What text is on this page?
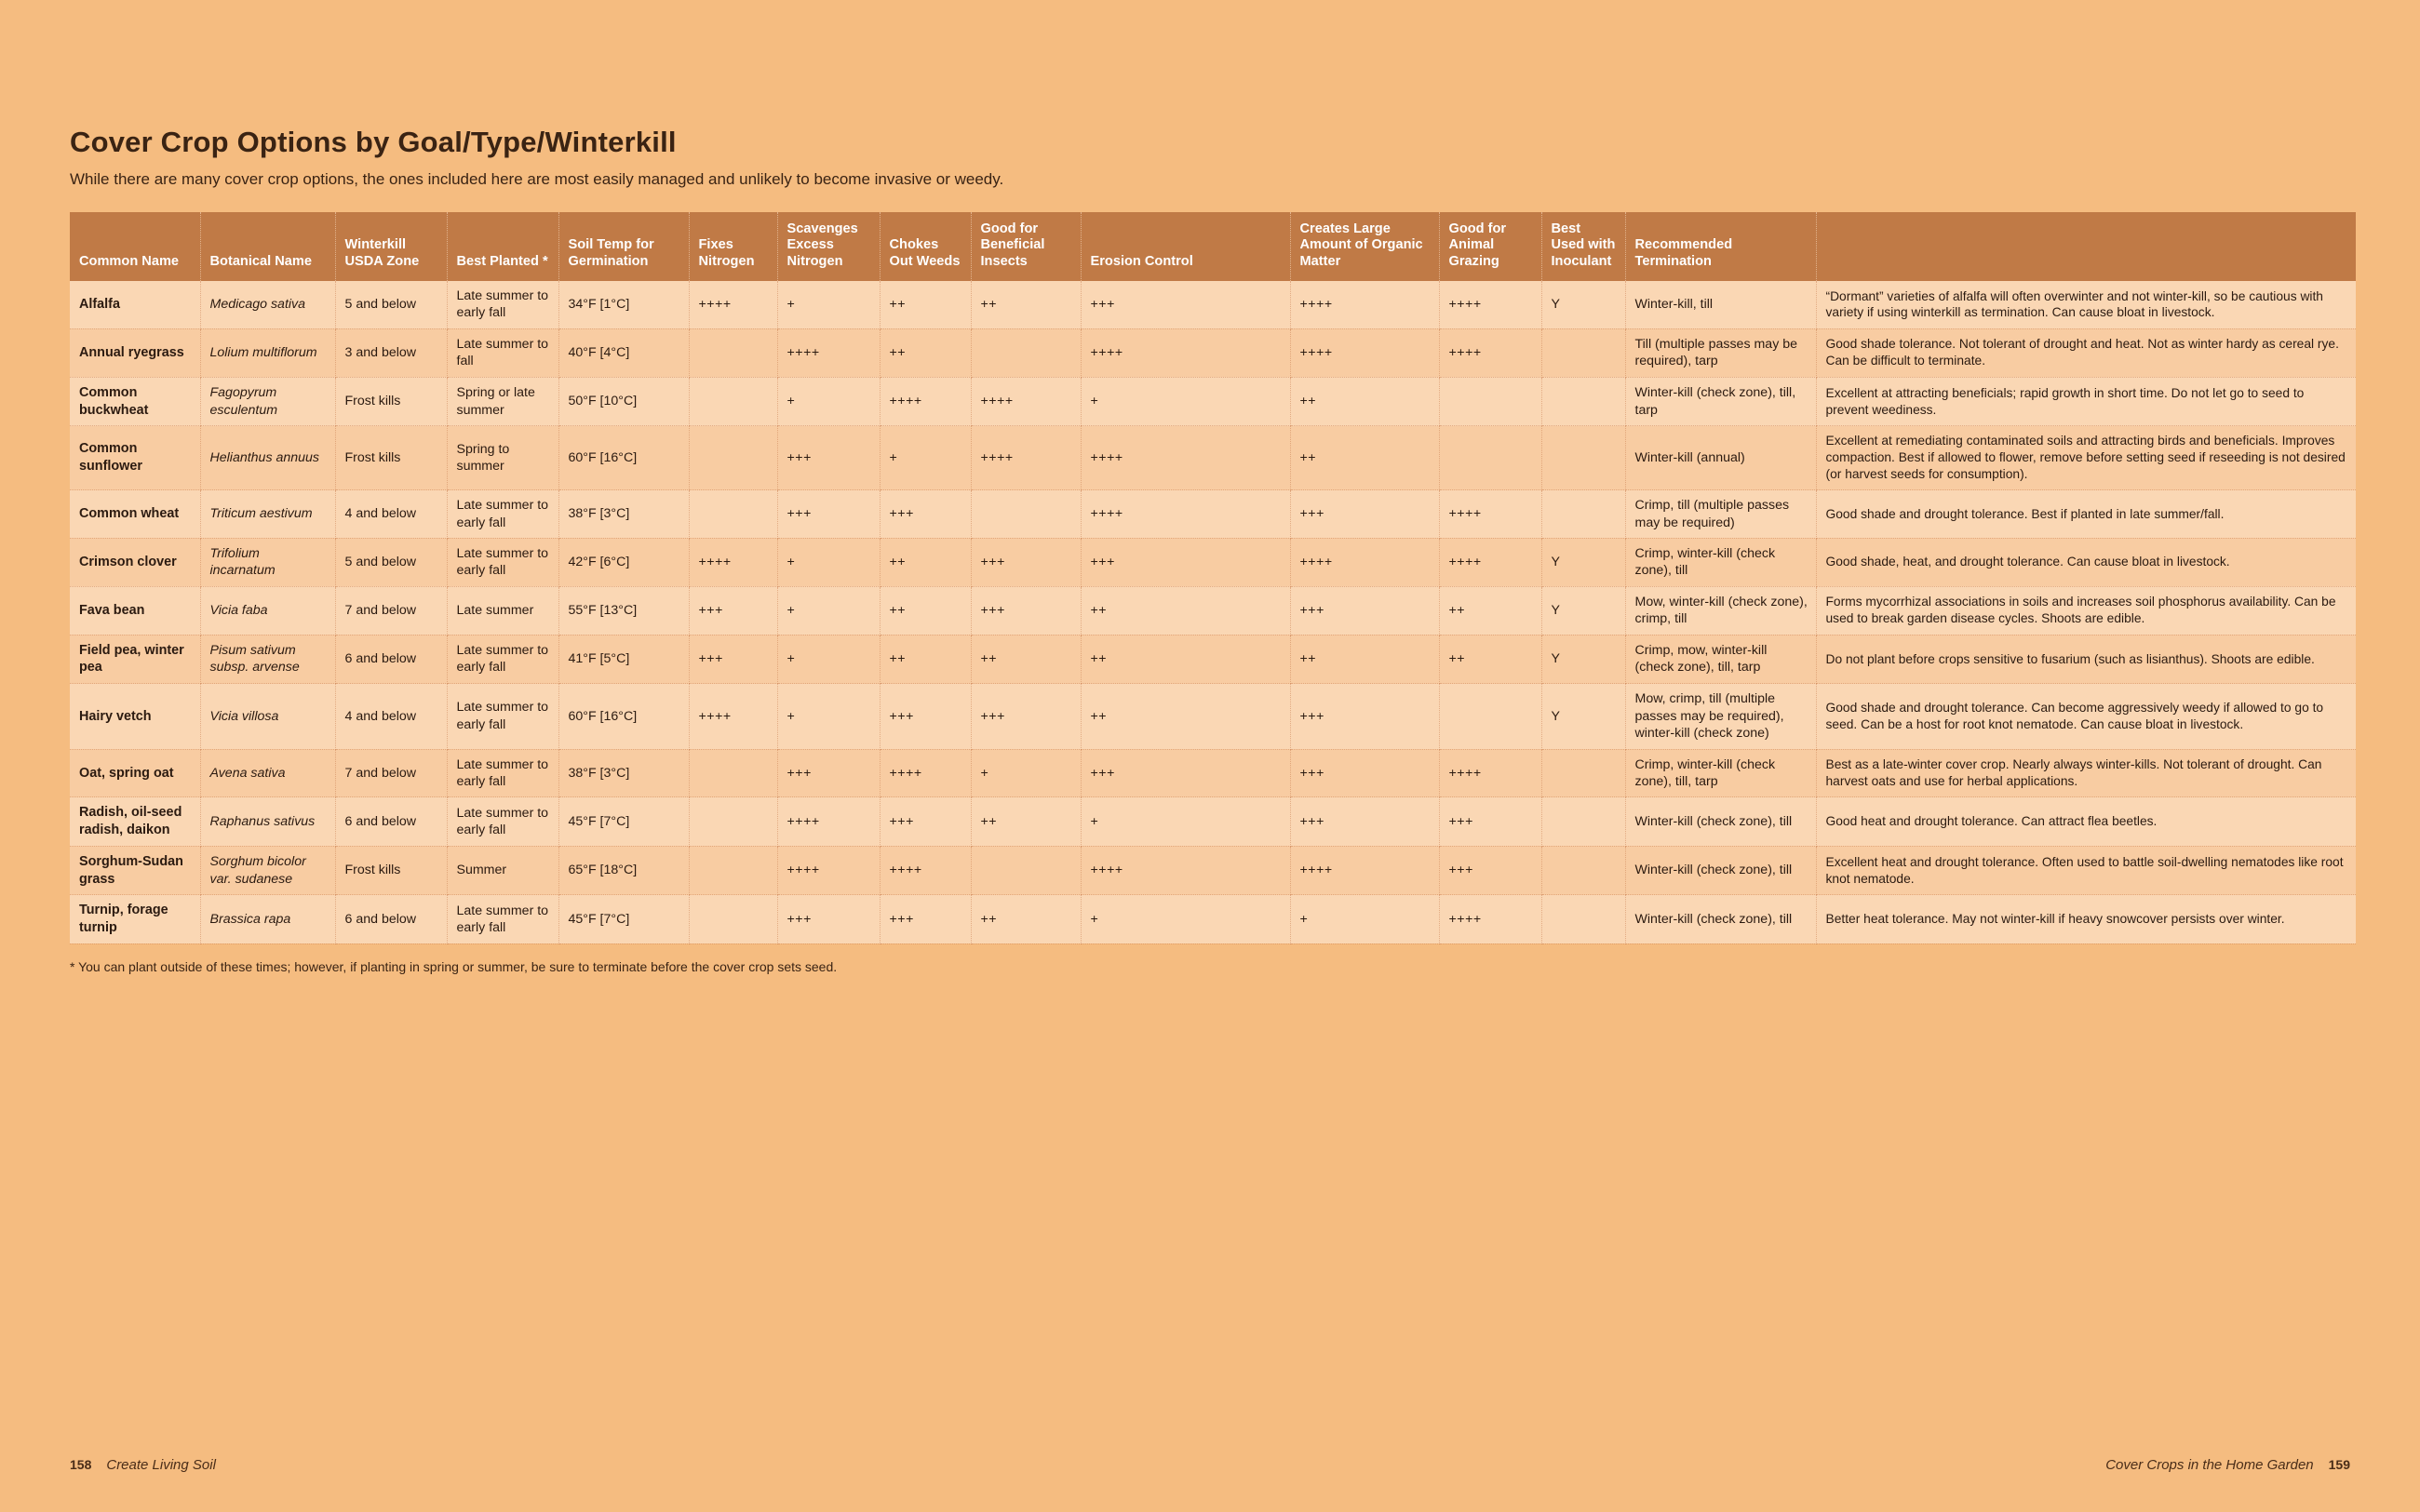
Cover Crop Options by Goal/Type/Winterkill

While there are many cover crop options, the ones included here are most easily managed and unlikely to become invasive or weedy.

Common Name	Botanical Name	Winterkill USDA Zone	Best Planted *	Soil Temp for Germination	Fixes Nitrogen	Scavenges Excess Nitrogen	Chokes Out Weeds	Good for Beneficial Insects	Erosion Control	Creates Large Amount of Organic Matter	Good for Animal Grazing	Best Used with Inoculant	Recommended Termination	
Alfalfa	Medicago sativa	5 and below	Late summer to early fall	34°F [1°C]	++++	+	++	++	+++	++++	++++	Y	Winter-kill, till	“Dormant” varieties of alfalfa will often overwinter and not winter-kill, so be cautious with variety if using winterkill as termination. Can cause bloat in livestock.
Annual ryegrass	Lolium multiflorum	3 and below	Late summer to fall	40°F [4°C]		++++	++		++++	++++	++++		Till (multiple passes may be required), tarp	Good shade tolerance. Not tolerant of drought and heat. Not as winter hardy as cereal rye. Can be difficult to terminate.
Common buckwheat	Fagopyrum esculentum	Frost kills	Spring or late summer	50°F [10°C]		+	++++	++++	+	++			Winter-kill (check zone), till, tarp	Excellent at attracting beneficials; rapid growth in short time. Do not let go to seed to prevent weediness.
Common sunflower	Helianthus annuus	Frost kills	Spring to summer	60°F [16°C]		+++	+	++++	++++	++			Winter-kill (annual)	Excellent at remediating contaminated soils and attracting birds and beneficials. Improves compaction. Best if allowed to flower, remove before setting seed if reseeding is not desired (or harvest seeds for consumption).
Common wheat	Triticum aestivum	4 and below	Late summer to early fall	38°F [3°C]		+++	+++		++++	+++	++++		Crimp, till (multiple passes may be required)	Good shade and drought tolerance. Best if planted in late summer/fall.
Crimson clover	Trifolium incarnatum	5 and below	Late summer to early fall	42°F [6°C]	++++	+	++	+++	+++	++++	++++	Y	Crimp, winter-kill (check zone), till	Good shade, heat, and drought tolerance. Can cause bloat in livestock.
Fava bean	Vicia faba	7 and below	Late summer	55°F [13°C]	+++	+	++	+++	++	+++	++	Y	Mow, winter-kill (check zone), crimp, till	Forms mycorrhizal associations in soils and increases soil phosphorus availability. Can be used to break garden disease cycles. Shoots are edible.
Field pea, winter pea	Pisum sativum subsp. arvense	6 and below	Late summer to early fall	41°F [5°C]	+++	+	++	++	++	++	++	Y	Crimp, mow, winter-kill (check zone), till, tarp	Do not plant before crops sensitive to fusarium (such as lisianthus). Shoots are edible.
Hairy vetch	Vicia villosa	4 and below	Late summer to early fall	60°F [16°C]	++++	+	+++	+++	++	+++		Y	Mow, crimp, till (multiple passes may be required), winter-kill (check zone)	Good shade and drought tolerance. Can become aggressively weedy if allowed to go to seed. Can be a host for root knot nematode. Can cause bloat in livestock.
Oat, spring oat	Avena sativa	7 and below	Late summer to early fall	38°F [3°C]		+++	++++	+	+++	+++	++++		Crimp, winter-kill (check zone), till, tarp	Best as a late-winter cover crop. Nearly always winter-kills. Not tolerant of drought. Can harvest oats and use for herbal applications.
Radish, oil-seed radish, daikon	Raphanus sativus	6 and below	Late summer to early fall	45°F [7°C]		++++	+++	++	+	+++	+++		Winter-kill (check zone), till	Good heat and drought tolerance. Can attract flea beetles.
Sorghum-Sudan grass	Sorghum bicolor var. sudanese	Frost kills	Summer	65°F [18°C]		++++	++++		++++	++++	+++		Winter-kill (check zone), till	Excellent heat and drought tolerance. Often used to battle soil-dwelling nematodes like root knot nematode.
Turnip, forage turnip	Brassica rapa	6 and below	Late summer to early fall	45°F [7°C]		+++	+++	++	+	+	++++		Winter-kill (check zone), till	Better heat tolerance. May not winter-kill if heavy snowcover persists over winter.
* You can plant outside of these times; however, if planting in spring or summer, be sure to terminate before the cover crop sets seed.
158 Create Living Soil	Cover Crops in the Home Garden 159
